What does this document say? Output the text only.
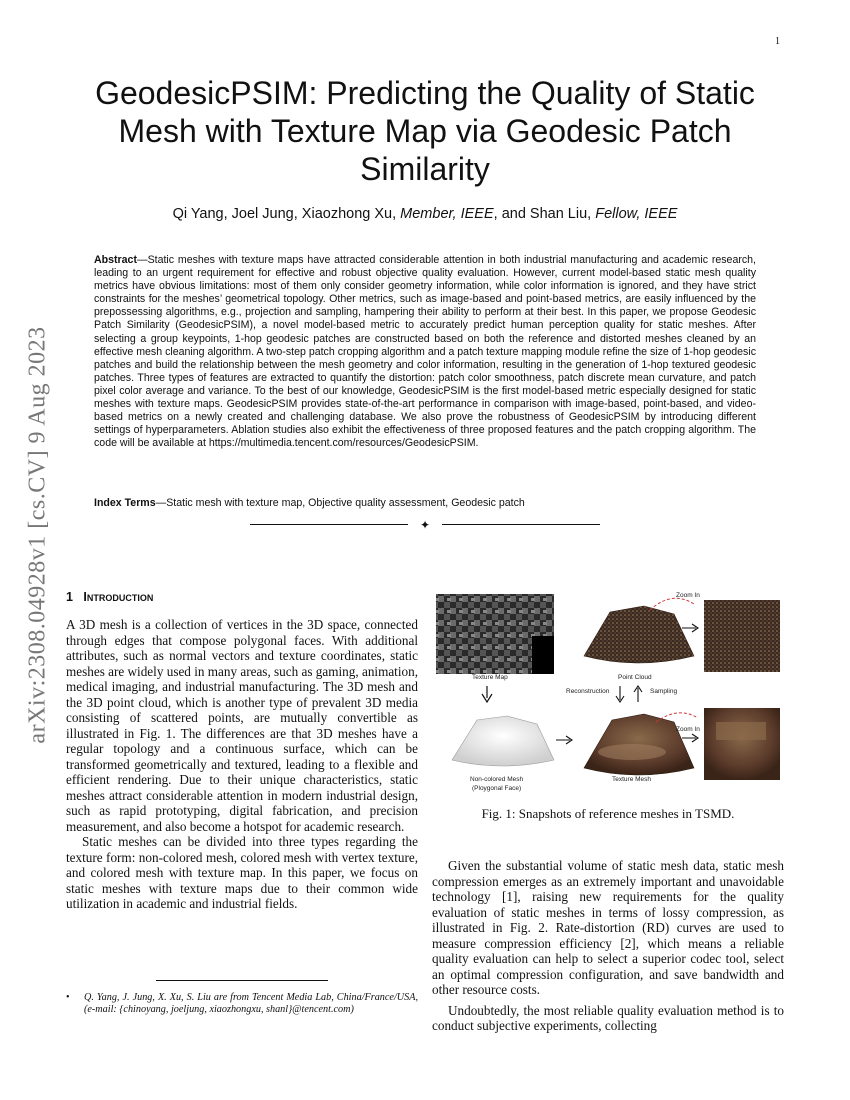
1
arXiv:2308.04928v1 [cs.CV] 9 Aug 2023
GeodesicPSIM: Predicting the Quality of Static Mesh with Texture Map via Geodesic Patch Similarity
Qi Yang, Joel Jung, Xiaozhong Xu, Member, IEEE, and Shan Liu, Fellow, IEEE
Abstract—Static meshes with texture maps have attracted considerable attention in both industrial manufacturing and academic research, leading to an urgent requirement for effective and robust objective quality evaluation. However, current model-based static mesh quality metrics have obvious limitations: most of them only consider geometry information, while color information is ignored, and they have strict constraints for the meshes’ geometrical topology. Other metrics, such as image-based and point-based metrics, are easily influenced by the prepossessing algorithms, e.g., projection and sampling, hampering their ability to perform at their best. In this paper, we propose Geodesic Patch Similarity (GeodesicPSIM), a novel model-based metric to accurately predict human perception quality for static meshes. After selecting a group keypoints, 1-hop geodesic patches are constructed based on both the reference and distorted meshes cleaned by an effective mesh cleaning algorithm. A two-step patch cropping algorithm and a patch texture mapping module refine the size of 1-hop geodesic patches and build the relationship between the mesh geometry and color information, resulting in the generation of 1-hop textured geodesic patches. Three types of features are extracted to quantify the distortion: patch color smoothness, patch discrete mean curvature, and patch pixel color average and variance. To the best of our knowledge, GeodesicPSIM is the first model-based metric especially designed for static meshes with texture maps. GeodesicPSIM provides state-of-the-art performance in comparison with image-based, point-based, and video-based metrics on a newly created and challenging database. We also prove the robustness of GeodesicPSIM by introducing different settings of hyperparameters. Ablation studies also exhibit the effectiveness of three proposed features and the patch cropping algorithm. The code will be available at https://multimedia.tencent.com/resources/GeodesicPSIM.
Index Terms—Static mesh with texture map, Objective quality assessment, Geodesic patch
✦
1 Introduction

A 3D mesh is a collection of vertices in the 3D space, connected through edges that compose polygonal faces. With additional attributes, such as normal vectors and texture coordinates, static meshes are widely used in many areas, such as gaming, animation, medical imaging, and industrial manufacturing. The 3D mesh and the 3D point cloud, which is another type of prevalent 3D media consisting of scattered points, are mutually convertible as illustrated in Fig. 1. The differences are that 3D meshes have a regular topology and a continuous surface, which can be transformed geometrically and textured, leading to a flexible and efficient rendering. Due to their unique characteristics, static meshes attract considerable attention in modern industrial design, such as rapid prototyping, digital fabrication, and precision measurement, and also become a hotspot for academic research.

Static meshes can be divided into three types regarding the texture form: non-colored mesh, colored mesh with vertex texture, and colored mesh with texture map. In this paper, we focus on static meshes with texture maps due to their common wide utilization in academic and industrial fields.

• Q. Yang, J. Jung, X. Xu, S. Liu are from Tencent Media Lab, China/France/USA, (e-mail: {chinoyang, joeljung, xiaozhongxu, shanl}@tencent.com)
Texture Map	Point Cloud
Zoom In
Zoom In
Reconstruction	Sampling
Non-colored Mesh
(Ploygonal Face)
Texture Mesh
Fig. 1: Snapshots of reference meshes in TSMD.

Given the substantial volume of static mesh data, static mesh compression emerges as an extremely important and unavoidable technology [1], raising new requirements for the quality evaluation of static meshes in terms of lossy compression, as illustrated in Fig. 2. Rate-distortion (RD) curves are used to measure compression efficiency [2], which means a reliable quality evaluation can help to select a superior codec tool, select an optimal compression configuration, and save bandwidth and other resource costs.

Undoubtedly, the most reliable quality evaluation method is to conduct subjective experiments, collecting
